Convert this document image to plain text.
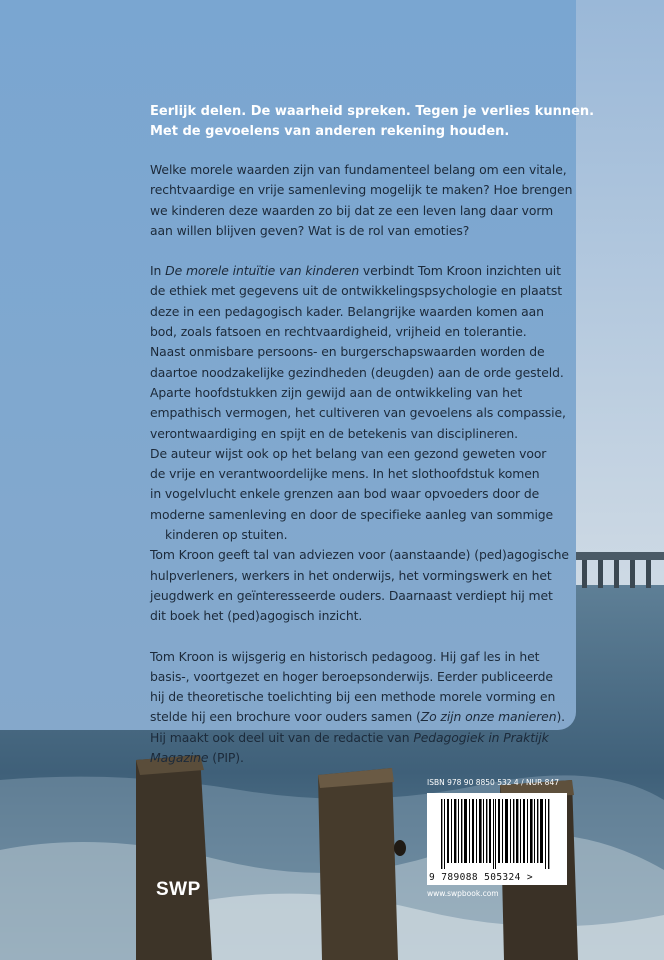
Eerlijk delen. De waarheid spreken. Tegen je verlies kunnen.
Met de gevoelens van anderen rekening houden.
Welke morele waarden zijn van fundamenteel belang om een vitale,
rechtvaardige en vrije samenleving mogelijk te maken? Hoe brengen
we kinderen deze waarden zo bij dat ze een leven lang daar vorm
aan willen blijven geven? Wat is de rol van emoties?
In De morele intuïtie van kinderen verbindt Tom Kroon inzichten uit
de ethiek met gegevens uit de ontwikkelingspsychologie en plaatst
deze in een pedagogisch kader. Belangrijke waarden komen aan
bod, zoals fatsoen en rechtvaardigheid, vrijheid en tolerantie.
Naast onmisbare persoons- en burgerschapswaarden worden de
daartoe noodzakelijke gezindheden (deugden) aan de orde gesteld.
Aparte hoofdstukken zijn gewijd aan de ontwikkeling van het
empathisch vermogen, het cultiveren van gevoelens als compassie,
verontwaardiging en spijt en de betekenis van disciplineren.
De auteur wijst ook op het belang van een gezond geweten voor
de vrije en verantwoordelijke mens. In het slothoofdstuk komen
in vogelvlucht enkele grenzen aan bod waar opvoeders door de
moderne samenleving en door de specifieke aanleg van sommige
kinderen op stuiten.
Tom Kroon geeft tal van adviezen voor (aanstaande) (ped)agogische
hulpverleners, werkers in het onderwijs, het vormingswerk en het
jeugdwerk en geïnteresseerde ouders. Daarnaast verdiept hij met
dit boek het (ped)agogisch inzicht.
Tom Kroon is wijsgerig en historisch pedagoog. Hij gaf les in het
basis-, voortgezet en hoger beroepsonderwijs. Eerder publiceerde
hij de theoretische toelichting bij een methode morele vorming en
stelde hij een brochure voor ouders samen (Zo zijn onze manieren).
Hij maakt ook deel uit van de redactie van Pedagogiek in Praktijk
Magazine (PIP).
ISBN 978 90 8850 532 4 / NUR 847
9 789088 505324 >
www.swpbook.com
SWP
